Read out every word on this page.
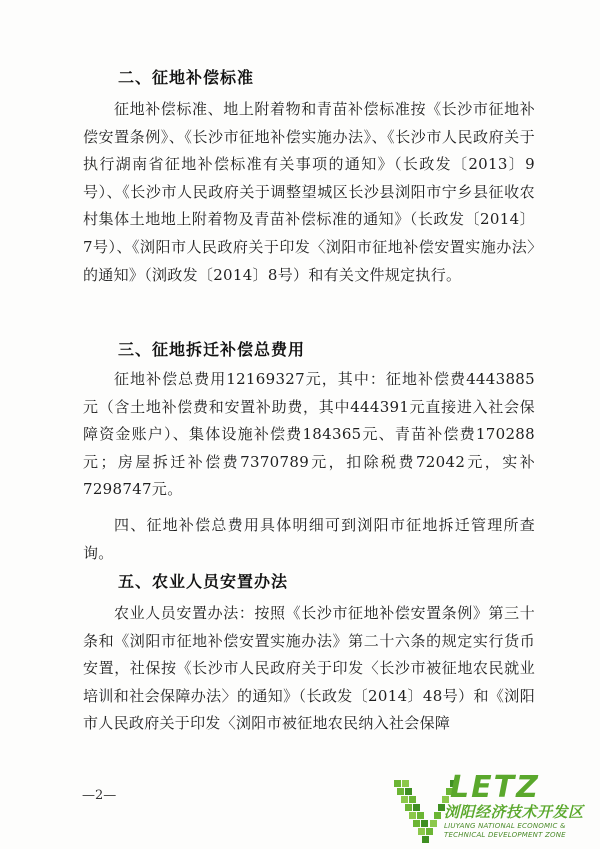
二、征地补偿标准
征地补偿标准、地上附着物和青苗补偿标准按《长沙市征地补偿安置条例》、《长沙市征地补偿实施办法》、《长沙市人民政府关于执行湖南省征地补偿标准有关事项的通知》（长政发〔2013〕9号）、《长沙市人民政府关于调整望城区长沙县浏阳市宁乡县征收农村集体土地地上附着物及青苗补偿标准的通知》（长政发〔2014〕7号）、《浏阳市人民政府关于印发〈浏阳市征地补偿安置实施办法〉的通知》（浏政发〔2014〕8号）和有关文件规定执行。
三、征地拆迁补偿总费用
征地补偿总费用12169327元，其中：征地补偿费4443885元（含土地补偿费和安置补助费，其中444391元直接进入社会保障资金账户）、集体设施补偿费184365元、青苗补偿费170288元；房屋拆迁补偿费7370789元，扣除税费72042元，实补7298747元。
四、征地补偿总费用具体明细可到浏阳市征地拆迁管理所查询。
五、农业人员安置办法
农业人员安置办法：按照《长沙市征地补偿安置条例》第三十条和《浏阳市征地补偿安置实施办法》第二十六条的规定实行货币安置，社保按《长沙市人民政府关于印发〈长沙市被征地农民就业培训和社会保障办法〉的通知》（长政发〔2014〕48号）和《浏阳市人民政府关于印发〈浏阳市被征地农民纳入社会保障
—2—	LETZ
浏阳经济技术开发区
LIUYANG NATIONAL ECONOMIC & TECHNICAL DEVELOPMENT ZONE
